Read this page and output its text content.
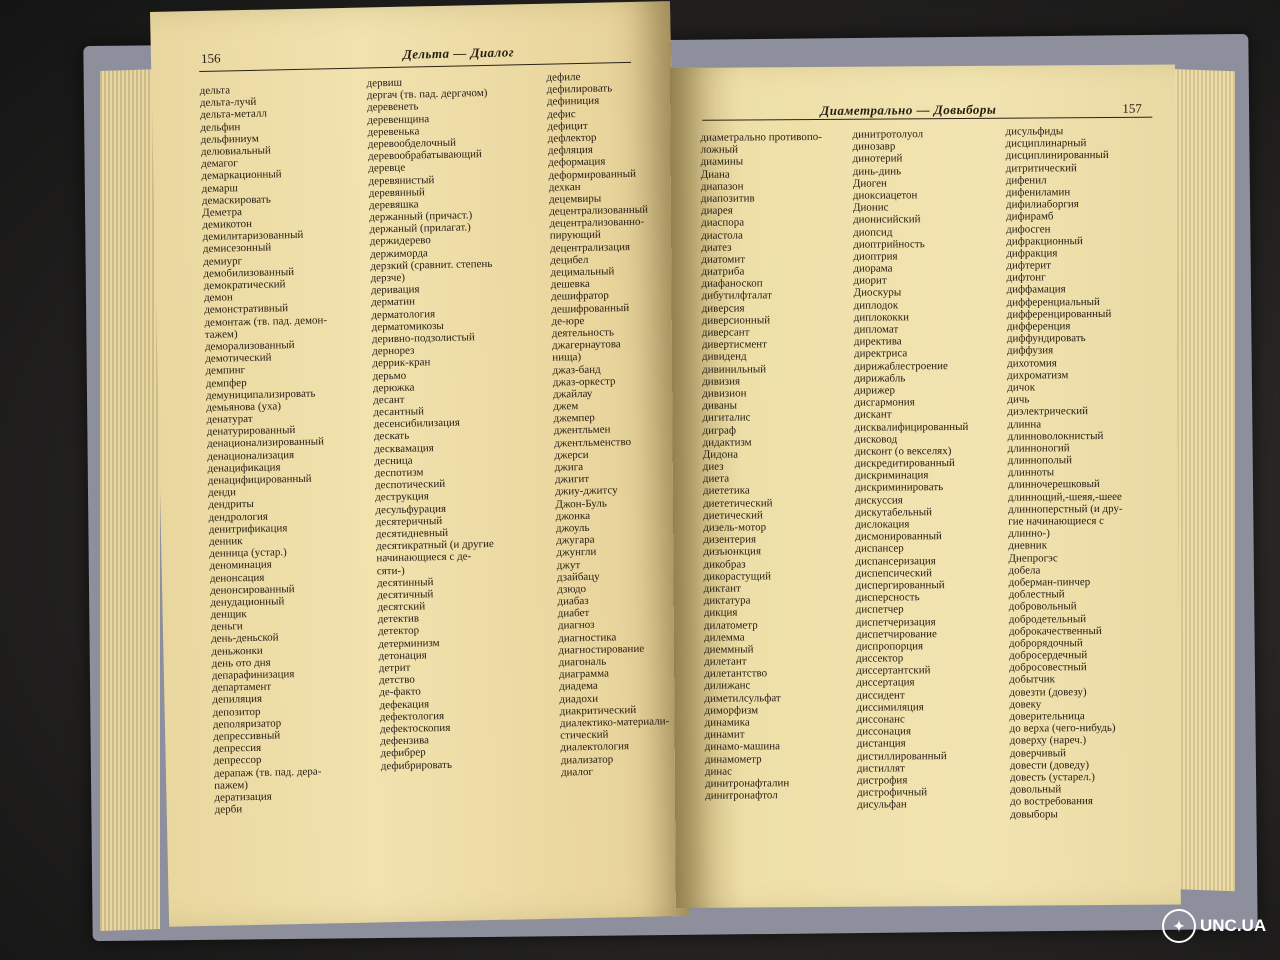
156	Дельта — Диалог
дельта
дельта-лучй
дельта-металл
дельфин
дельфиниум
делювиальный
демагог
демаркационный
демарш
демаскировать
Деметра
демикотон
демилитаризованный
демисезонный
демиург
демобилизованный
демократический
демон
демонстративный
демонтаж (тв. пад. демон-
тажем)
деморализованный
демотический
демпинг
демпфер
демуниципализировать
демьянова (уха)
денатурат
денатурированный
денационализированный
денационализация
денацификация
денацифицированный
денди
дендриты
дендрология
денитрификация
денник
денница (устар.)
деноминация
денонсация
денонсированный
денудационный
денщик
деньги
день-деньской
деньжонки
день ото дня
депарафинизация
департамент
депиляция
депозитор
деполяризатор
депрессивный
депрессия
депрессор
дерапаж (тв. пад. дера-
пажем)
дератизация
дерби
дервиш
дергач (тв. пад. дергачом)
деревенеть
деревенщина
деревенька
деревообделочный
деревообрабатывающий
деревце
деревянистый
деревянный
деревяшка
держанный (причаст.)
держаный (прилагат.)
держидерево
держиморда
дерзкий (сравнит. степень
дерзче)
деривация
дерматин
дерматология
дерматомикозы
деривно-подзолистый
дернорез
деррик-кран
дерьмо
дерюжка
десант
десантный
десенсибилизация
дескать
десквамация
десница
деспотизм
деспотический
деструкция
десульфурация
десятеричный
десятидневный
десятикратный (и другие
начинающиеся с де-
сяти-)
десятинный
десятичный
десятский
детектив
детектор
детерминизм
детонация
детрит
детство
де-факто
дефекация
дефектология
дефектоскопия
дефензива
дефибрер
дефибрировать
дефиле
дефилировать
дефиниция
дефис
дефицит
дефлектор
дефляция
деформация
деформированный
дехкан
децемвиры
децентрализованный
децентрализованно-
пирующий
децентрализация
децибел
децимальный
дешевка
дешифратор
дешифрованный
де-юре
деятельность
джагернаутова
нища)
джаз-банд
джаз-оркестр
джайлау
джем
джемпер
джентльмен
джентльменство
джерси
джига
джигит
джиу-джитсу
Джон-Буль
джонка
джоуль
джугара
джунгли
джут
дзайбацу
дзюдо
диабаз
диабет
диагноз
диагностика
диагностирование
диагональ
диаграмма
диадема
диадохи
диакритический
диалектико-материали-
стический
диалектология
диализатор
диалог
Диаметрально — Довыборы	157
диаметрально противопо-
ложный
диамины
Диана
диапазон
диапозитив
диарея
диаспора
диастола
диатез
диатомит
диатриба
диафаноскоп
дибутилфталат
диверсия
диверсионный
диверсант
дивертисмент
дивиденд
дивинильный
дивизия
дивизион
диваны
дигиталис
диграф
дидактизм
Дидона
диез
диета
диететика
диететический
диетический
дизель-мотор
дизентерия
дизъюнкция
дикобраз
дикорастущий
диктант
диктатура
дикция
дилатометр
дилемма
диеммный
дилетант
дилетантство
дилижанс
диметилсульфат
диморфизм
динамика
динамит
динамо-машина
динамометр
динас
динитронафталин
динитронафтол
динитротолуол
динозавр
динотерий
динь-динь
Диоген
диоксиацетон
Дионис
дионисийский
диопсид
диоптрийность
диоптрия
диорама
диорит
Диоскуры
диплодок
диплококки
дипломат
директива
директриса
дирижаблестроение
дирижабль
дирижер
дисгармония
дискант
дисквалифицированный
дисковод
дисконт (о векселях)
дискредитированный
дискриминация
дискриминировать
дискуссия
дискутабельный
дислокация
дисмонированный
диспансер
диспансеризация
диспепсический
диспергированный
дисперсность
диспетчер
диспетчеризация
диспетчирование
диспропорция
диссектор
диссертантский
диссертация
диссидент
диссимиляция
диссонанс
диссонация
дистанция
дистиллированный
дистиллят
дистрофия
дистрофичный
дисульфан
дисульфиды
дисциплинарный
дисциплинированный
дитритический
дифенил
дифениламин
дифилиаборгия
дифирамб
дифосген
дифракционный
дифракция
дифтерит
дифтонг
диффамация
дифференциальный
дифференцированный
дифференция
диффундировать
диффузия
дихотомия
дихроматизм
дичок
дичь
диэлектрический
длинна
длинноволокнистый
длинноногий
длиннополый
длинноты
длинночерешковый
длиннощий,-шеяя,-шеее
длинноперстный (и дру-
гие начинающиеся с
длинно-)
дневник
Днепрогэс
добела
доберман-пинчер
доблестный
добровольный
добродетельный
доброкачественный
доброрядочный
добросердечный
добросовестный
добытчик
довезти (довезу)
довеку
доверительница
до верха (чего-нибудь)
доверху (нареч.)
доверчивый
довести (доведу)
довесть (устарел.)
довольный
до востребования
довыборы
✦ UNC.UA
